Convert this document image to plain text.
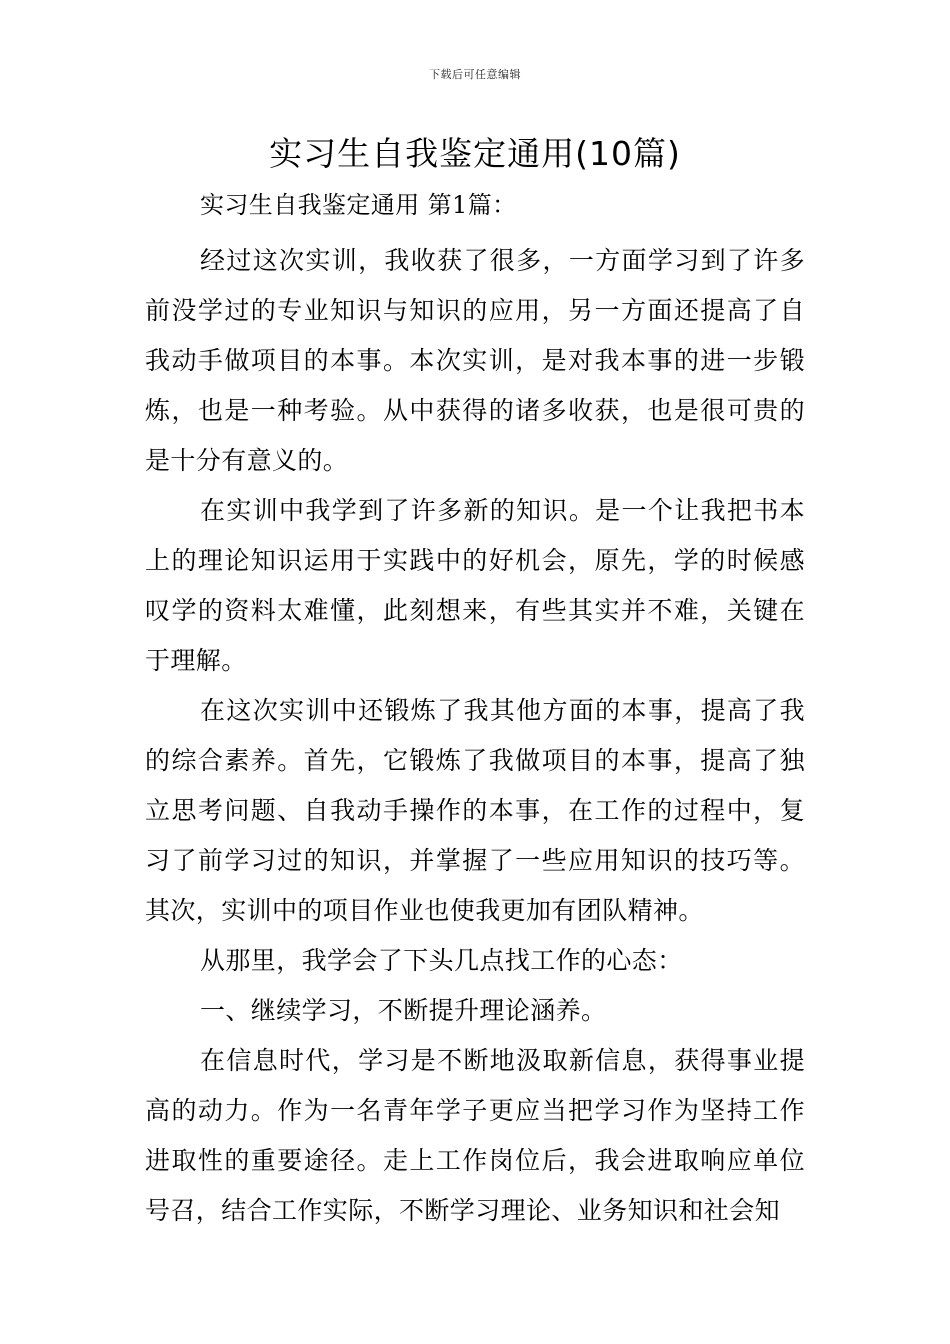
下载后可任意编辑
实习生自我鉴定通用(10篇)

实习生自我鉴定通用 第1篇：

经过这次实训，我收获了很多，一方面学习到了许多前没学过的专业知识与知识的应用，另一方面还提高了自我动手做项目的本事。本次实训，是对我本事的进一步锻炼，也是一种考验。从中获得的诸多收获，也是很可贵的是十分有意义的。

在实训中我学到了许多新的知识。是一个让我把书本上的理论知识运用于实践中的好机会，原先，学的时候感叹学的资料太难懂，此刻想来，有些其实并不难，关键在于理解。

在这次实训中还锻炼了我其他方面的本事，提高了我的综合素养。首先，它锻炼了我做项目的本事，提高了独立思考问题、自我动手操作的本事，在工作的过程中，复习了前学习过的知识，并掌握了一些应用知识的技巧等。其次，实训中的项目作业也使我更加有团队精神。

从那里，我学会了下头几点找工作的心态：

一、继续学习，不断提升理论涵养。

在信息时代，学习是不断地汲取新信息，获得事业提高的动力。作为一名青年学子更应当把学习作为坚持工作进取性的重要途径。走上工作岗位后，我会进取响应单位号召，结合工作实际，不断学习理论、业务知识和社会知
